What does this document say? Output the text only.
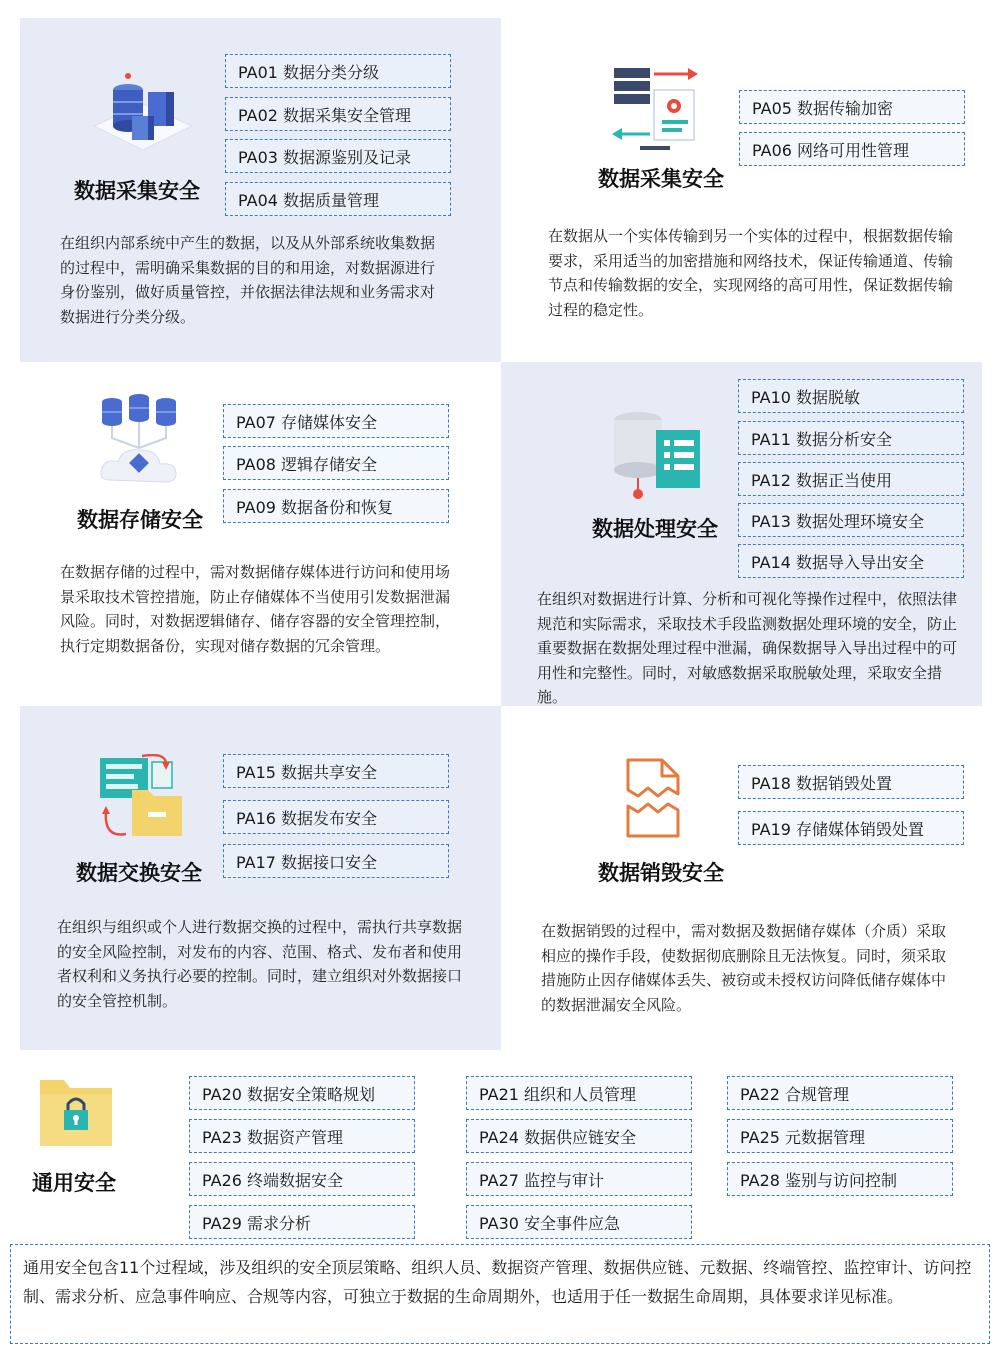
数据采集安全
PA01 数据分类分级
PA02 数据采集安全管理
PA03 数据源鉴别及记录
PA04 数据质量管理
在组织内部系统中产生的数据，以及从外部系统收集数据的过程中，需明确采集数据的目的和用途，对数据源进行身份鉴别，做好质量管控，并依据法律法规和业务需求对数据进行分类分级。
数据采集安全
PA05 数据传输加密
PA06 网络可用性管理
在数据从一个实体传输到另一个实体的过程中，根据数据传输要求，采用适当的加密措施和网络技术，保证传输通道、传输节点和传输数据的安全，实现网络的高可用性，保证数据传输过程的稳定性。
数据存储安全
PA07 存储媒体安全
PA08 逻辑存储安全
PA09 数据备份和恢复
在数据存储的过程中，需对数据储存媒体进行访问和使用场景采取技术管控措施，防止存储媒体不当使用引发数据泄漏风险。同时，对数据逻辑储存、储存容器的安全管理控制，执行定期数据备份，实现对储存数据的冗余管理。
数据处理安全
PA10 数据脱敏
PA11 数据分析安全
PA12 数据正当使用
PA13 数据处理环境安全
PA14 数据导入导出安全
在组织对数据进行计算、分析和可视化等操作过程中，依照法律规范和实际需求，采取技术手段监测数据处理环境的安全，防止重要数据在数据处理过程中泄漏，确保数据导入导出过程中的可用性和完整性。同时，对敏感数据采取脱敏处理，采取安全措施。
数据交换安全
PA15 数据共享安全
PA16 数据发布安全
PA17 数据接口安全
在组织与组织或个人进行数据交换的过程中，需执行共享数据的安全风险控制，对发布的内容、范围、格式、发布者和使用者权利和义务执行必要的控制。同时，建立组织对外数据接口的安全管控机制。
数据销毁安全
PA18 数据销毁处置
PA19 存储媒体销毁处置
在数据销毁的过程中，需对数据及数据储存媒体（介质）采取相应的操作手段，使数据彻底删除且无法恢复。同时，须采取措施防止因存储媒体丢失、被窃或未授权访问降低储存媒体中的数据泄漏安全风险。
通用安全
PA20 数据安全策略规划	PA21 组织和人员管理	PA22 合规管理
PA23 数据资产管理	PA24 数据供应链安全	PA25 元数据管理
PA26 终端数据安全	PA27 监控与审计	PA28 鉴别与访问控制
PA29 需求分析	PA30 安全事件应急
通用安全包含11个过程域，涉及组织的安全顶层策略、组织人员、数据资产管理、数据供应链、元数据、终端管控、监控审计、访问控制、需求分析、应急事件响应、合规等内容，可独立于数据的生命周期外，也适用于任一数据生命周期，具体要求详见标准。
